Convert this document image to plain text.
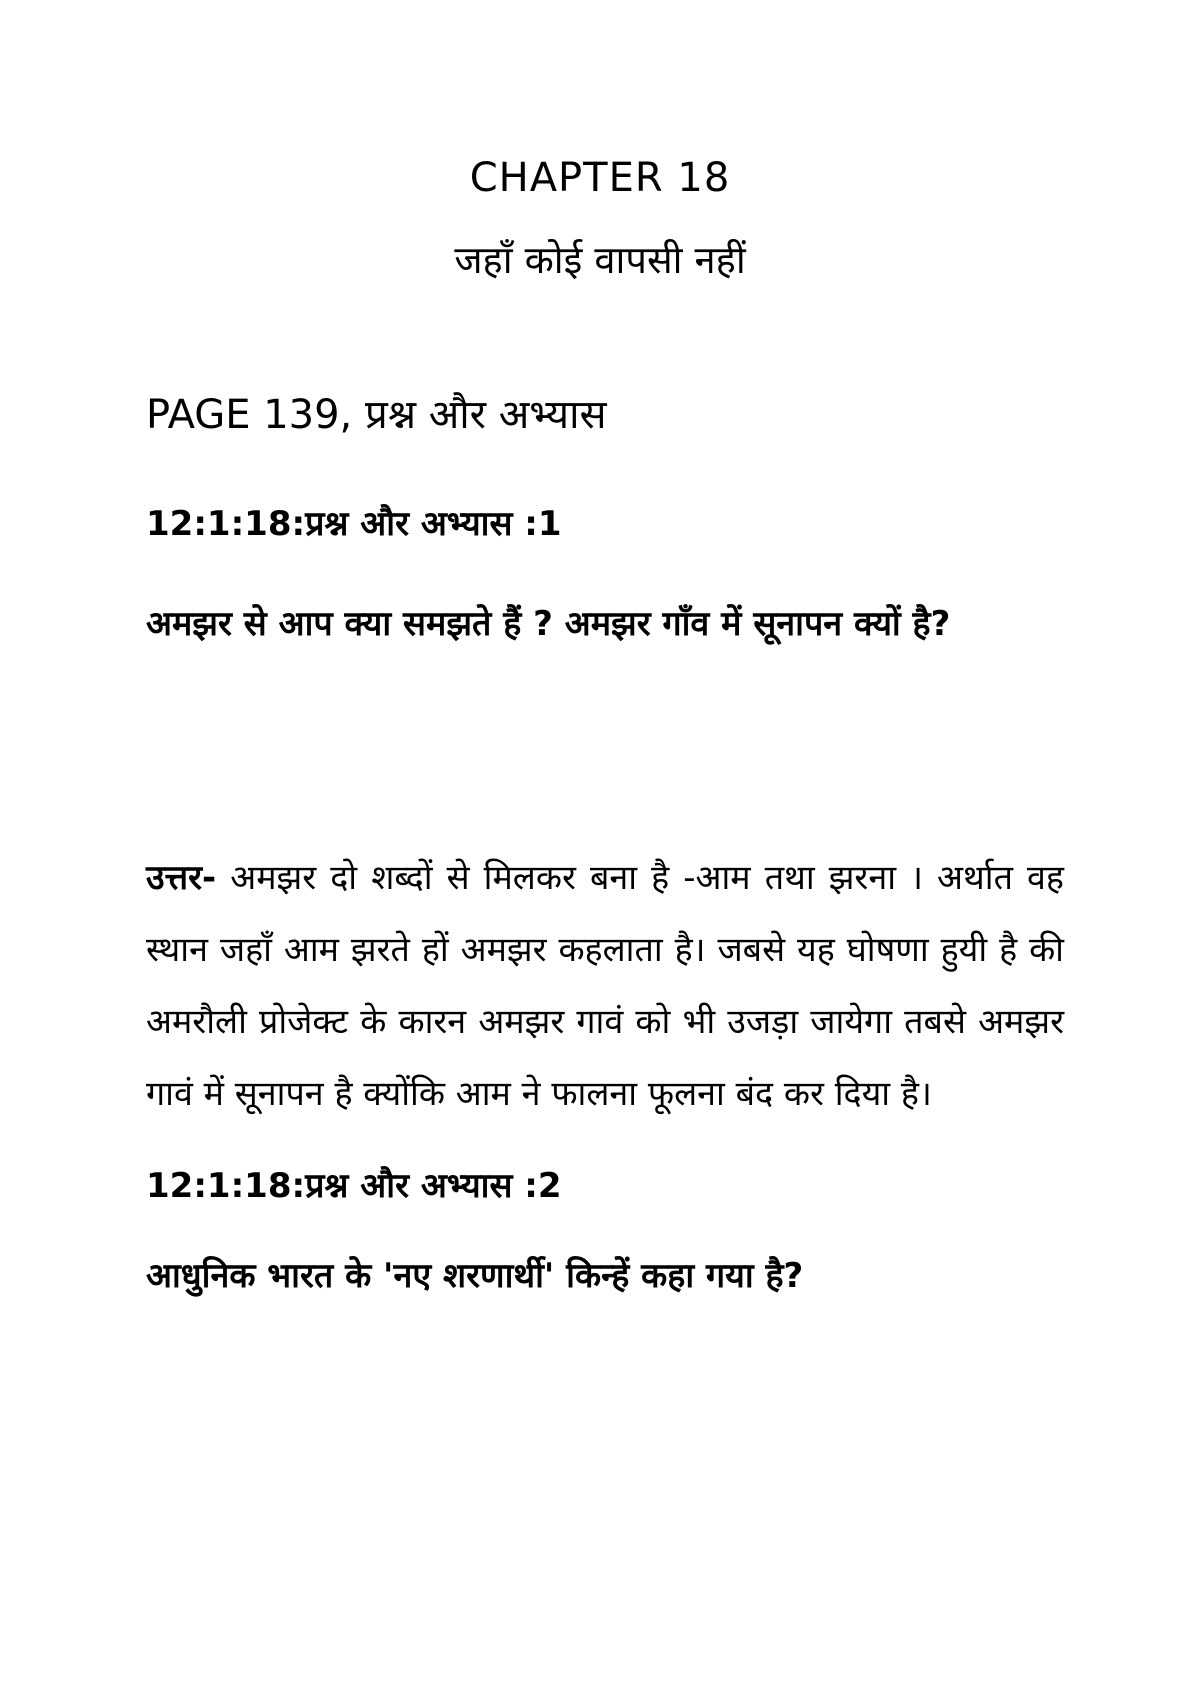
CHAPTER 18
जहाँ कोई वापसी नहीं
PAGE 139, प्रश्न और अभ्यास
12:1:18:प्रश्न और अभ्यास :1
अमझर से आप क्या समझते हैं ? अमझर गाँव में सूनापन क्यों है?
उत्तर- अमझर दो शब्दों से मिलकर बना है -आम तथा झरना । अर्थात वह स्थान जहाँ आम झरते हों अमझर कहलाता है। जबसे यह घोषणा हुयी है की अमरौली प्रोजेक्ट के कारन अमझर गावं को भी उजड़ा जायेगा तबसे अमझर गावं में सूनापन है क्योंकि आम ने फालना फूलना बंद कर दिया है।
12:1:18:प्रश्न और अभ्यास :2
आधुनिक भारत के 'नए शरणार्थी' किन्हें कहा गया है?
